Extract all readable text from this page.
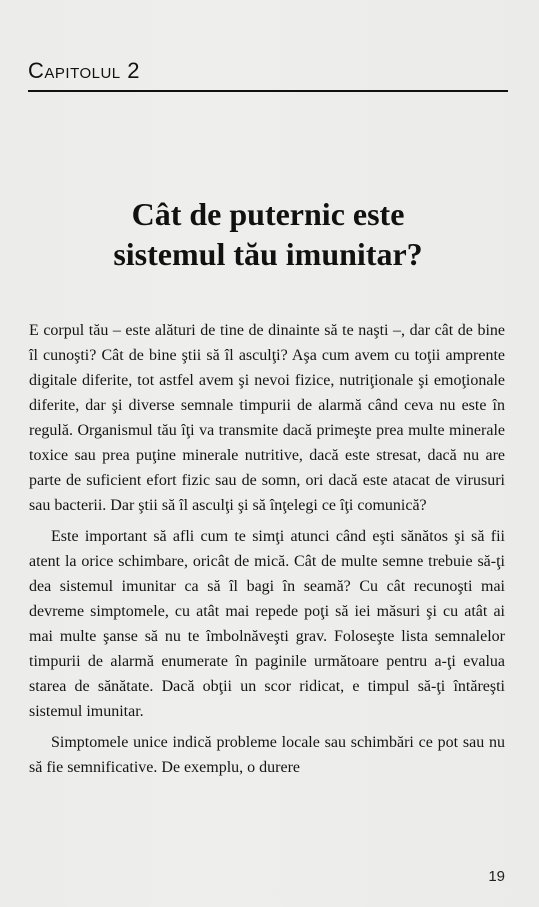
Capitolul 2
Cât de puternic este
sistemul tău imunitar?

E corpul tău – este alături de tine de dinainte să te naşti –, dar cât de bine îl cunoşti? Cât de bine ştii să îl asculţi? Aşa cum avem cu toţii amprente digitale diferite, tot astfel avem şi nevoi fizice, nutriţionale şi emoţionale diferite, dar şi diverse semnale timpurii de alarmă când ceva nu este în regulă. Organismul tău îţi va transmite dacă primeşte prea multe minerale toxice sau prea puţine minerale nutritive, dacă este stresat, dacă nu are parte de suficient efort fizic sau de somn, ori dacă este atacat de virusuri sau bacterii. Dar ştii să îl asculţi şi să înţelegi ce îţi comunică?

Este important să afli cum te simţi atunci când eşti sănătos şi să fii atent la orice schimbare, oricât de mică. Cât de multe semne trebuie să-ţi dea sistemul imunitar ca să îl bagi în seamă? Cu cât recunoşti mai devreme simptomele, cu atât mai repede poţi să iei măsuri şi cu atât ai mai multe şanse să nu te îmbolnăveşti grav. Foloseşte lista semnalelor timpurii de alarmă enumerate în paginile următoare pentru a-ţi evalua starea de sănătate. Dacă obţii un scor ridicat, e timpul să-ţi întăreşti sistemul imunitar.

Simptomele unice indică probleme locale sau schimbări ce pot sau nu să fie semnificative. De exemplu, o durere

19
